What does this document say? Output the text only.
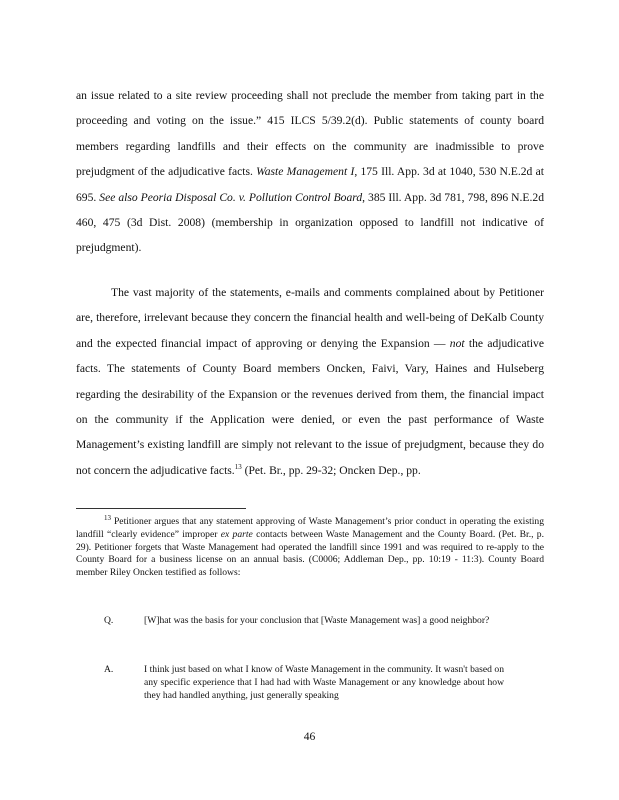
an issue related to a site review proceeding shall not preclude the member from taking part in the proceeding and voting on the issue.” 415 ILCS 5/39.2(d). Public statements of county board members regarding landfills and their effects on the community are inadmissible to prove prejudgment of the adjudicative facts. Waste Management I, 175 Ill. App. 3d at 1040, 530 N.E.2d at 695. See also Peoria Disposal Co. v. Pollution Control Board, 385 Ill. App. 3d 781, 798, 896 N.E.2d 460, 475 (3d Dist. 2008) (membership in organization opposed to landfill not indicative of prejudgment).

The vast majority of the statements, e-mails and comments complained about by Petitioner are, therefore, irrelevant because they concern the financial health and well-being of DeKalb County and the expected financial impact of approving or denying the Expansion — not the adjudicative facts. The statements of County Board members Oncken, Faivi, Vary, Haines and Hulseberg regarding the desirability of the Expansion or the revenues derived from them, the financial impact on the community if the Application were denied, or even the past performance of Waste Management’s existing landfill are simply not relevant to the issue of prejudgment, because they do not concern the adjudicative facts.$^{13}$ (Pet. Br., pp. 29-32; Oncken Dep., pp.

$^{13}$ Petitioner argues that any statement approving of Waste Management’s prior conduct in operating the existing landfill “clearly evidence” improper ex parte contacts between Waste Management and the County Board. (Pet. Br., p. 29). Petitioner forgets that Waste Management had operated the landfill since 1991 and was required to re-apply to the County Board for a business license on an annual basis. (C0006; Addleman Dep., pp. 10:19 - 11:3). County Board member Riley Oncken testified as follows:

Q.	[W]hat was the basis for your conclusion that [Waste Management was] a good neighbor?
A.	I think just based on what I know of Waste Management in the community. It wasn't based on any specific experience that I had had with Waste Management or any knowledge about how they had handled anything, just generally speaking
46
